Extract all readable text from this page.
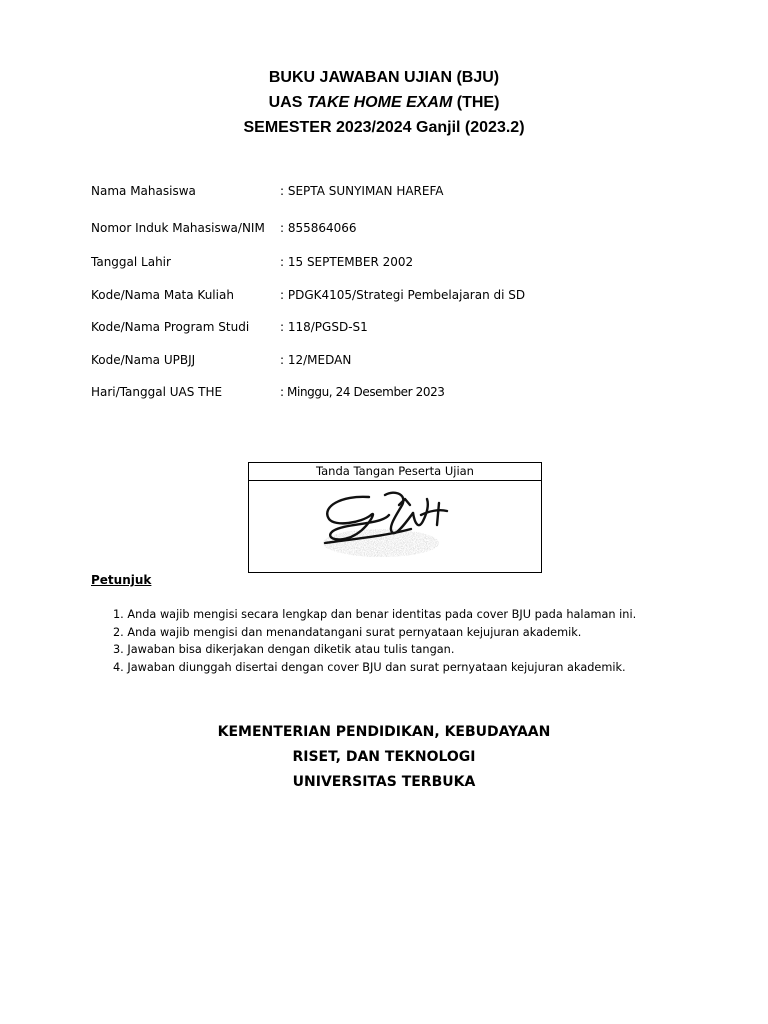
BUKU JAWABAN UJIAN (BJU)
UAS TAKE HOME EXAM (THE)
SEMESTER 2023/2024 Ganjil (2023.2)
Nama Mahasiswa	: SEPTA SUNYIMAN HAREFA
Nomor Induk Mahasiswa/NIM : 855864066
Tanggal Lahir	: 15 SEPTEMBER 2002
Kode/Nama Mata Kuliah	: PDGK4105/Strategi Pembelajaran di SD
Kode/Nama Program Studi	: 118/PGSD-S1
Kode/Nama UPBJJ	: 12/MEDAN
Hari/Tanggal UAS THE	: Minggu, 24 Desember 2023
Tanda Tangan Peserta Ujian
Petunjuk
1. Anda wajib mengisi secara lengkap dan benar identitas pada cover BJU pada halaman ini.
2. Anda wajib mengisi dan menandatangani surat pernyataan kejujuran akademik.
3. Jawaban bisa dikerjakan dengan diketik atau tulis tangan.
4. Jawaban diunggah disertai dengan cover BJU dan surat pernyataan kejujuran akademik.
KEMENTERIAN PENDIDIKAN, KEBUDAYAAN
RISET, DAN TEKNOLOGI
UNIVERSITAS TERBUKA
